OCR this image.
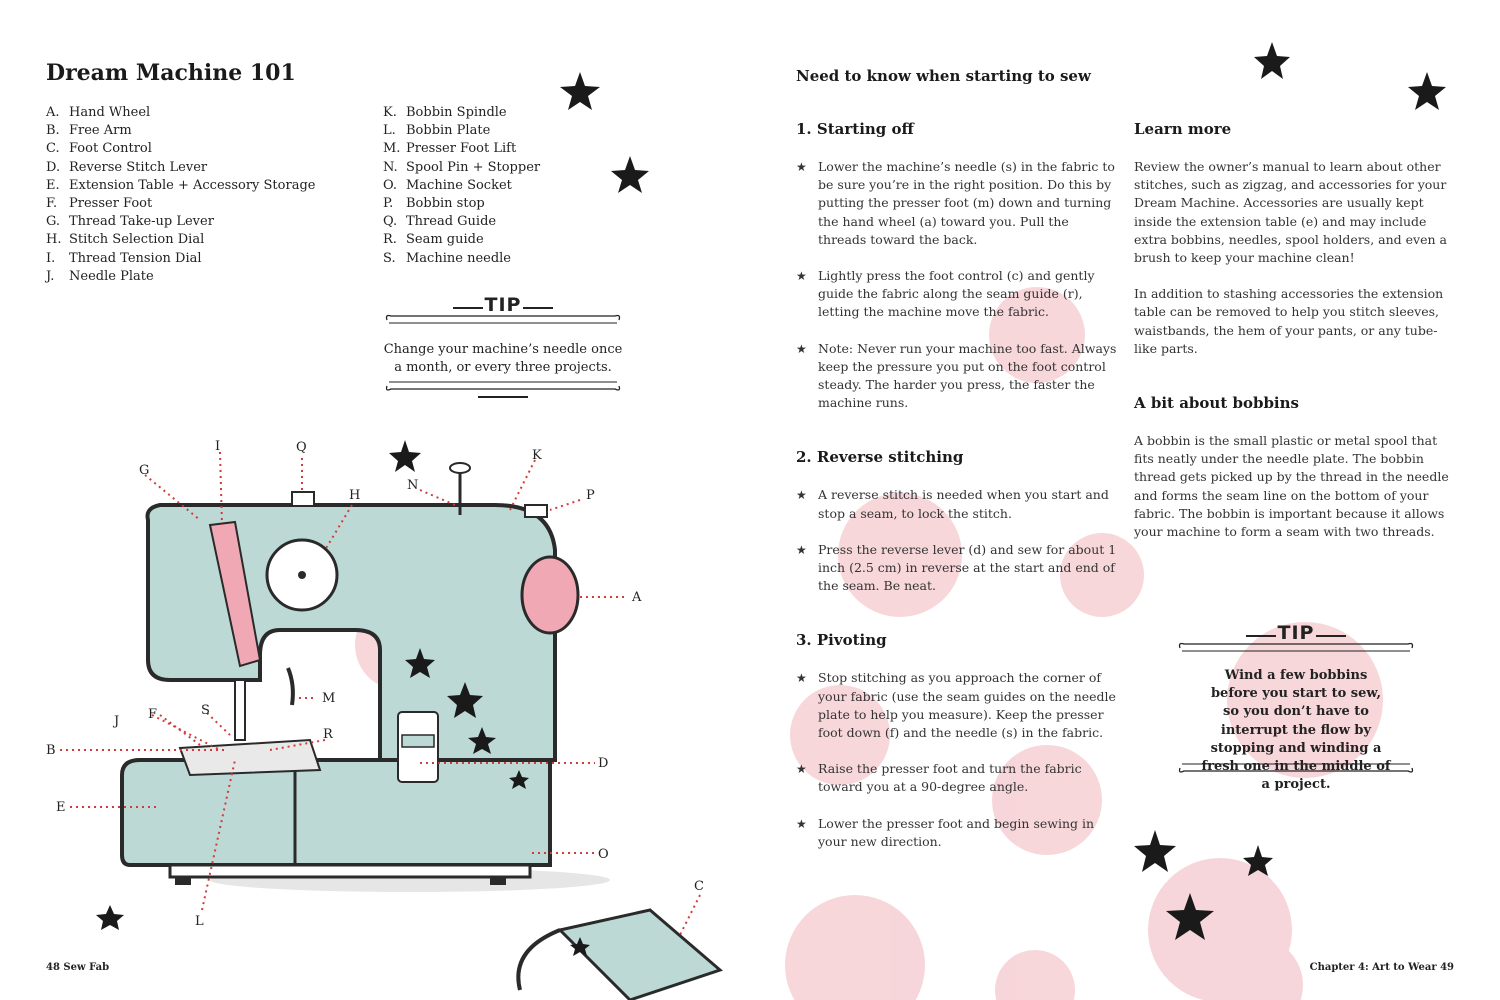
Dream Machine 101
A. Hand Wheel
B. Free Arm
C. Foot Control
D. Reverse Stitch Lever
E. Extension Table + Accessory Storage
F. Presser Foot
G. Thread Take-up Lever
H. Stitch Selection Dial
I.	Thread Tension Dial
J.	Needle Plate
K. Bobbin Spindle
L. Bobbin Plate
M. Presser Foot Lift
N. Spool Pin + Stopper
O. Machine Socket
P. Bobbin stop
Q. Thread Guide
R. Seam guide
S. Machine needle
TIP
Change your machine’s needle once
a month, or every three projects.
A
B
C
D
E
F
G
H
I
J
K
L
M
N
O
Q
P
R
S
48 Sew Fab
Need to know when starting to sew
1. Starting off
★ Lower the machine’s needle (s) in the fabric to be sure you’re in the right position. Do this by putting the presser foot (m) down and turning the hand wheel (a) toward you. Pull the threads toward the back.
★ Lightly press the foot control (c) and gently guide the fabric along the seam guide (r), letting the machine move the fabric.
★ Note: Never run your machine too fast. Always keep the pressure you put on the foot control steady. The harder you press, the faster the machine runs.
2. Reverse stitching
★ A reverse stitch is needed when you start and stop a seam, to lock the stitch.
★ Press the reverse lever (d) and sew for about 1 inch (2.5 cm) in reverse at the start and end of the seam. Be neat.
3. Pivoting
★ Stop stitching as you approach the corner of your fabric (use the seam guides on the needle plate to help you measure). Keep the presser foot down (f) and the needle (s) in the fabric.
★ Raise the presser foot and turn the fabric toward you at a 90-degree angle.
★ Lower the presser foot and begin sewing in your new direction.
Learn more
Review the owner’s manual to learn about other stitches, such as zigzag, and accessories for your Dream Machine. Accessories are usually kept inside the extension table (e) and may include extra bobbins, needles, spool holders, and even a brush to keep your machine clean!
In addition to stashing accessories the extension table can be removed to help you stitch sleeves, waistbands, the hem of your pants, or any tube-like parts.
A bit about bobbins
A bobbin is the small plastic or metal spool that fits neatly under the needle plate. The bobbin thread gets picked up by the thread in the needle and forms the seam line on the bottom of your fabric. The bobbin is important because it allows your machine to form a seam with two threads.
TIP
Wind a few bobbins before you start to sew, so you don’t have to interrupt the flow by stopping and winding a fresh one in the middle of a project.
Chapter 4: Art to Wear 49
